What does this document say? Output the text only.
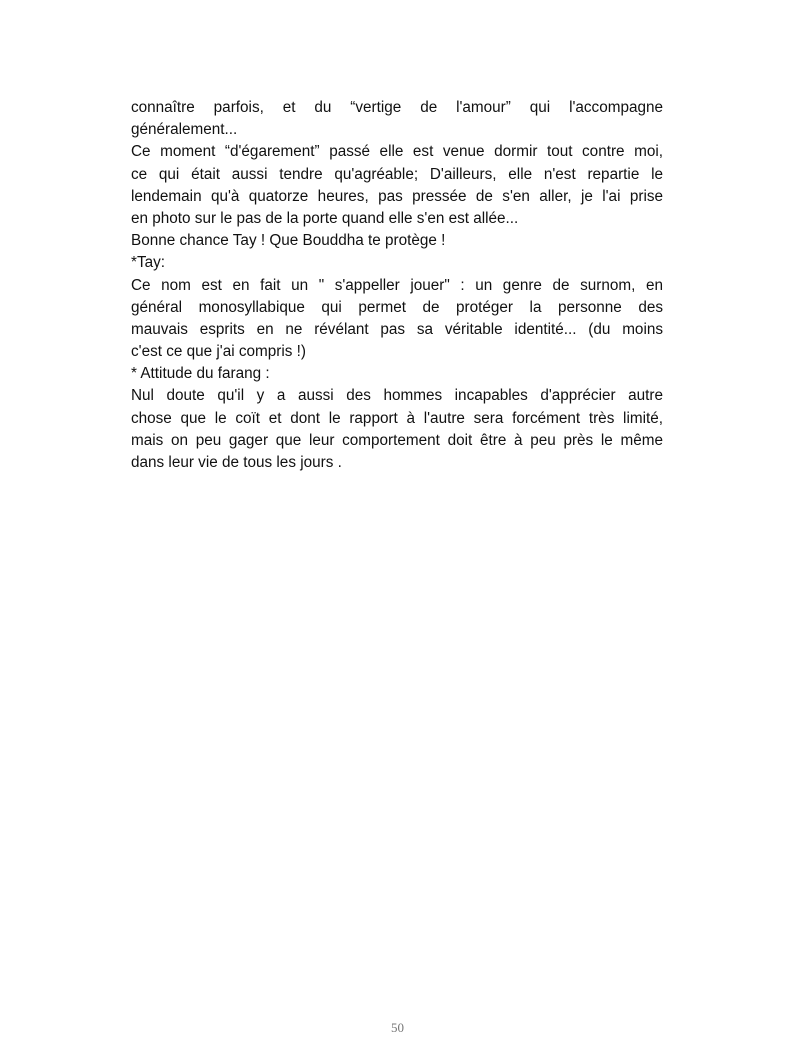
connaître parfois, et du “vertige de l'amour” qui l'accompagne
généralement...
Ce moment “d'égarement” passé elle est venue dormir tout contre moi,
ce qui était aussi tendre qu'agréable; D'ailleurs, elle n'est repartie le
lendemain qu'à quatorze heures, pas pressée de s'en aller, je l'ai prise
en photo sur le pas de la porte quand elle s'en est allée...
Bonne chance Tay ! Que Bouddha te protège !
*Tay:
Ce nom est en fait un " s'appeller jouer" : un genre de surnom, en
général monosyllabique qui permet de protéger la personne des
mauvais esprits en ne révélant pas sa véritable identité... (du moins
c'est ce que j'ai compris !)
* Attitude du farang :
Nul doute qu'il y a aussi des hommes incapables d'apprécier autre
chose que le coït et dont le rapport à l'autre sera forcément très limité,
mais on peu gager que leur comportement doit être à peu près le même
dans leur vie de tous les jours .
50
